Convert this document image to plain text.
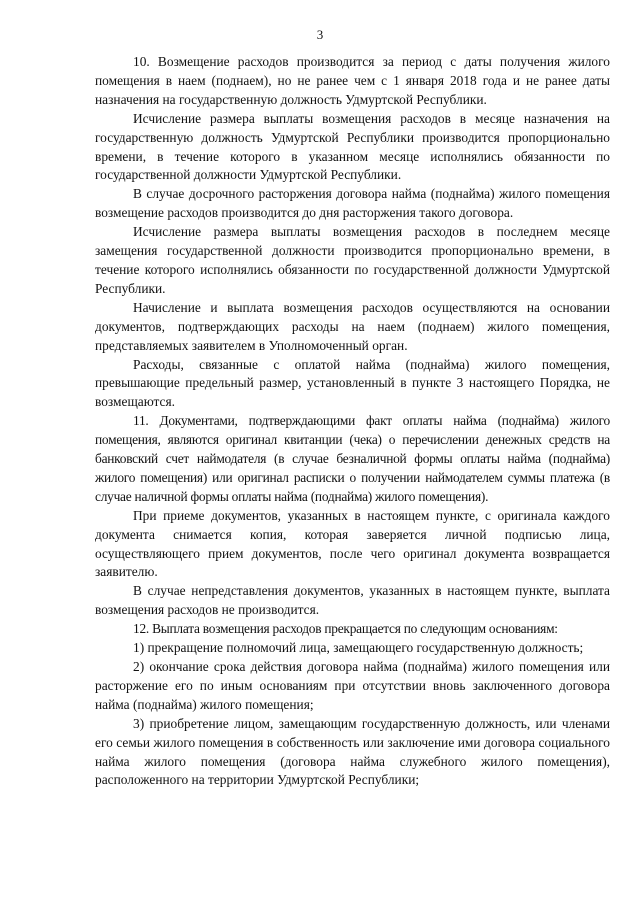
3

10. Возмещение расходов производится за период с даты получения жилого помещения в наем (поднаем), но не ранее чем с 1 января 2018 года и не ранее даты назначения на государственную должность Удмуртской Республики.

Исчисление размера выплаты возмещения расходов в месяце назначения на государственную должность Удмуртской Республики производится пропорционально времени, в течение которого в указанном месяце исполнялись обязанности по государственной должности Удмуртской Республики.

В случае досрочного расторжения договора найма (поднайма) жилого помещения возмещение расходов производится до дня расторжения такого договора.

Исчисление размера выплаты возмещения расходов в последнем месяце замещения государственной должности производится пропорционально времени, в течение которого исполнялись обязанности по государственной должности Удмуртской Республики.

Начисление и выплата возмещения расходов осуществляются на основании документов, подтверждающих расходы на наем (поднаем) жилого помещения, представляемых заявителем в Уполномоченный орган.

Расходы, связанные с оплатой найма (поднайма) жилого помещения, превышающие предельный размер, установленный в пункте 3 настоящего Порядка, не возмещаются.

11. Документами, подтверждающими факт оплаты найма (поднайма) жилого помещения, являются оригинал квитанции (чека) о перечислении денежных средств на банковский счет наймодателя (в случае безналичной формы оплаты найма (поднайма) жилого помещения) или оригинал расписки о получении наймодателем суммы платежа (в случае наличной формы оплаты найма (поднайма) жилого помещения).

При приеме документов, указанных в настоящем пункте, с оригинала каждого документа снимается копия, которая заверяется личной подписью лица, осуществляющего прием документов, после чего оригинал документа возвращается заявителю.

В случае непредставления документов, указанных в настоящем пункте, выплата возмещения расходов не производится.

12. Выплата возмещения расходов прекращается по следующим основаниям:

1) прекращение полномочий лица, замещающего государственную должность;

2) окончание срока действия договора найма (поднайма) жилого помещения или расторжение его по иным основаниям при отсутствии вновь заключенного договора найма (поднайма) жилого помещения;

3) приобретение лицом, замещающим государственную должность, или членами его семьи жилого помещения в собственность или заключение ими договора социального найма жилого помещения (договора найма служебного жилого помещения), расположенного на территории Удмуртской Республики;
